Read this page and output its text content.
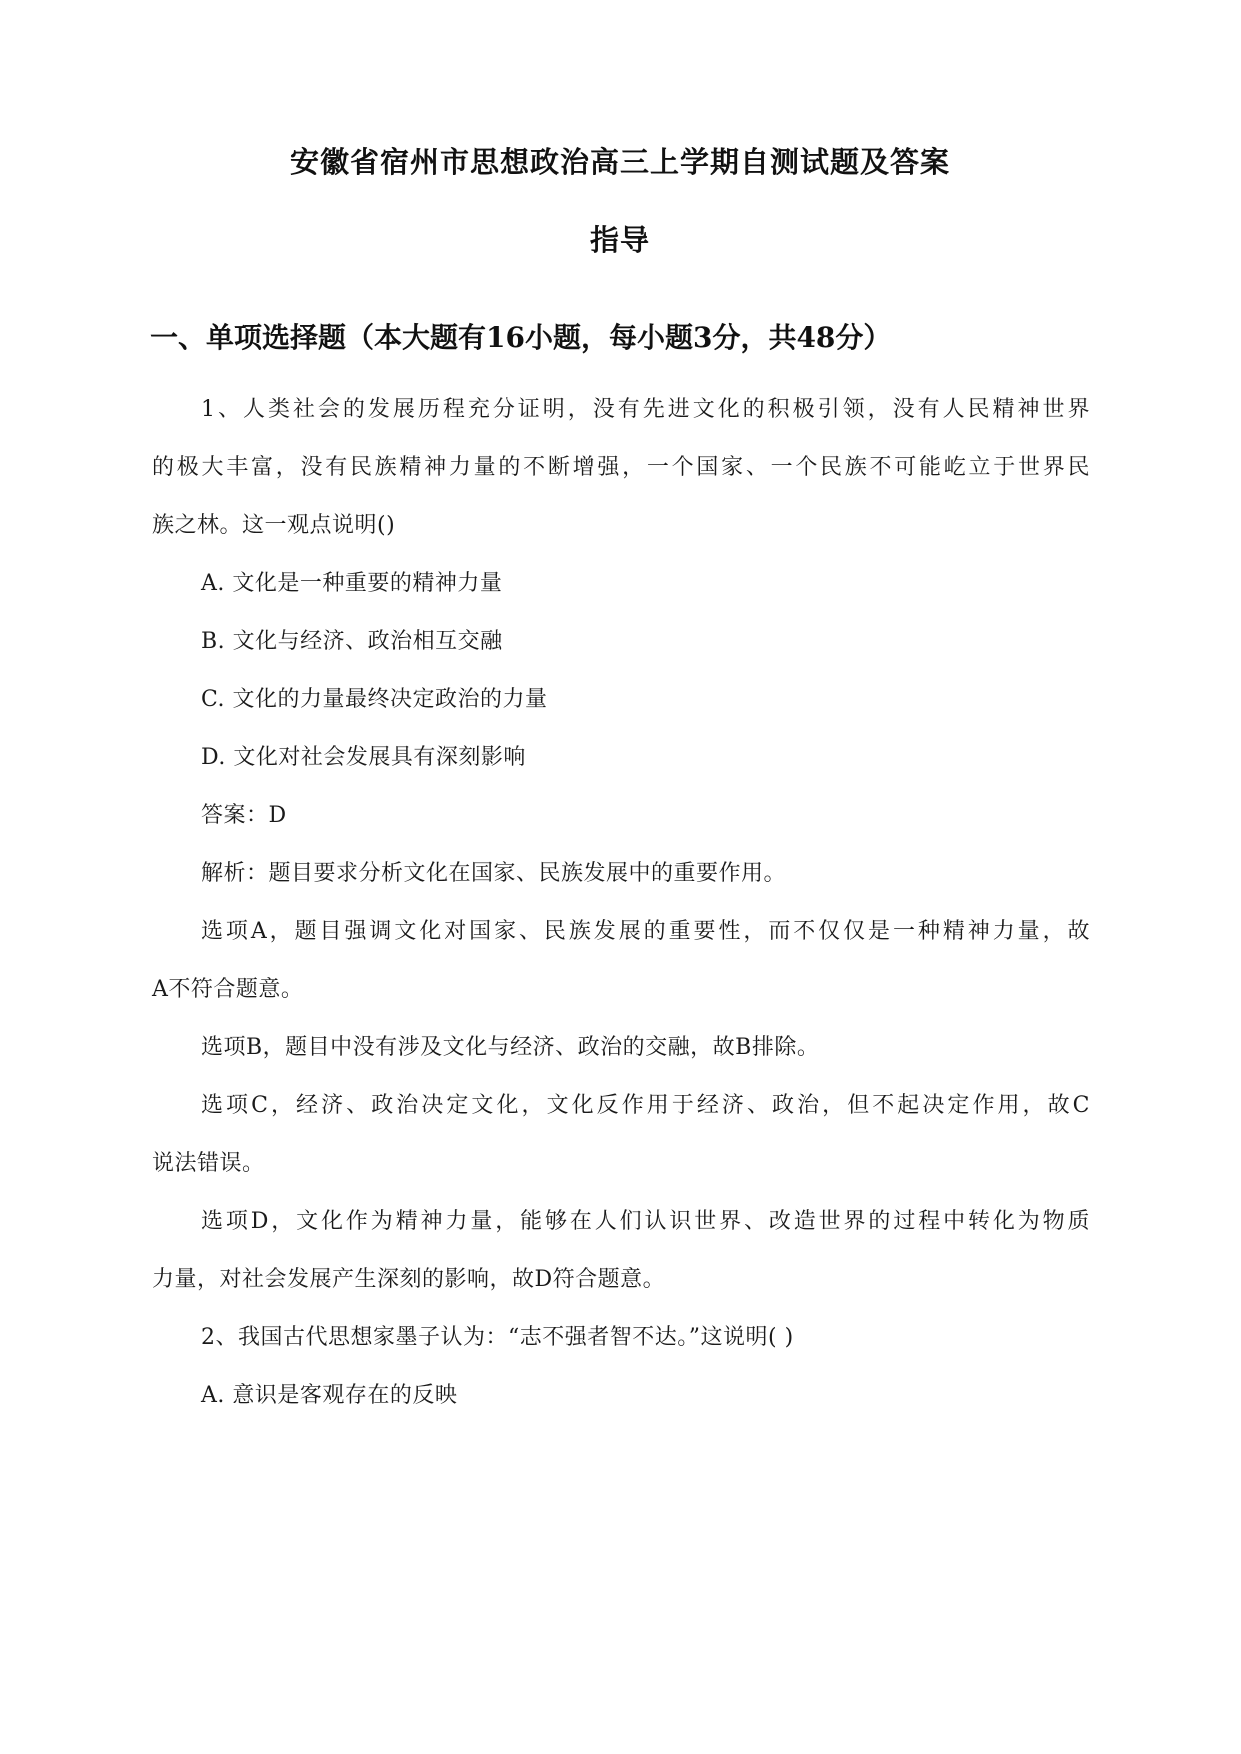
安徽省宿州市思想政治高三上学期自测试题及答案
指导
一、单项选择题（本大题有16小题，每小题3分，共48分）
1、人类社会的发展历程充分证明，没有先进文化的积极引领，没有人民精神世界
的极大丰富，没有民族精神力量的不断增强，一个国家、一个民族不可能屹立于世界民
族之林。这一观点说明()
A. 文化是一种重要的精神力量
B. 文化与经济、政治相互交融
C. 文化的力量最终决定政治的力量
D. 文化对社会发展具有深刻影响
答案：D
解析：题目要求分析文化在国家、民族发展中的重要作用。
选项A，题目强调文化对国家、民族发展的重要性，而不仅仅是一种精神力量，故
A不符合题意。
选项B，题目中没有涉及文化与经济、政治的交融，故B排除。
选项C，经济、政治决定文化，文化反作用于经济、政治，但不起决定作用，故C
说法错误。
选项D，文化作为精神力量，能够在人们认识世界、改造世界的过程中转化为物质
力量，对社会发展产生深刻的影响，故D符合题意。
2、我国古代思想家墨子认为：“志不强者智不达。”这说明( )
A. 意识是客观存在的反映
